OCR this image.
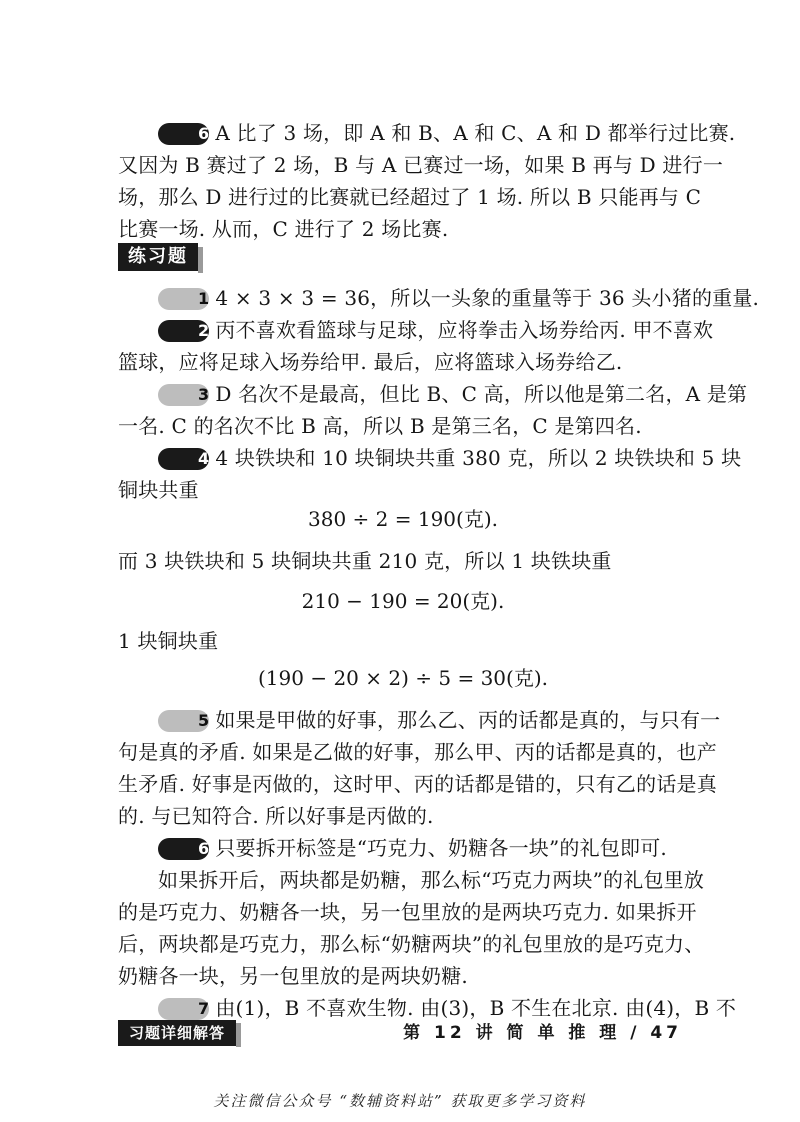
6 A 比了 3 场，即 A 和 B、A 和 C、A 和 D 都举行过比赛.
又因为 B 赛过了 2 场，B 与 A 已赛过一场，如果 B 再与 D 进行一
场，那么 D 进行过的比赛就已经超过了 1 场. 所以 B 只能再与 C
比赛一场. 从而，C 进行了 2 场比赛.
练习题
1 4 × 3 × 3 = 36，所以一头象的重量等于 36 头小猪的重量.
2 丙不喜欢看篮球与足球，应将拳击入场券给丙. 甲不喜欢
篮球，应将足球入场券给甲. 最后，应将篮球入场券给乙.
3 D 名次不是最高，但比 B、C 高，所以他是第二名，A 是第
一名. C 的名次不比 B 高，所以 B 是第三名，C 是第四名.
4 4 块铁块和 10 块铜块共重 380 克，所以 2 块铁块和 5 块
铜块共重
380 ÷ 2 = 190(克).
而 3 块铁块和 5 块铜块共重 210 克，所以 1 块铁块重
210 − 190 = 20(克).
1 块铜块重
(190 − 20 × 2) ÷ 5 = 30(克).
5 如果是甲做的好事，那么乙、丙的话都是真的，与只有一
句是真的矛盾. 如果是乙做的好事，那么甲、丙的话都是真的，也产
生矛盾. 好事是丙做的，这时甲、丙的话都是错的，只有乙的话是真
的. 与已知符合. 所以好事是丙做的.
6 只要拆开标签是“巧克力、奶糖各一块”的礼包即可.
如果拆开后，两块都是奶糖，那么标“巧克力两块”的礼包里放
的是巧克力、奶糖各一块，另一包里放的是两块巧克力. 如果拆开
后，两块都是巧克力，那么标“奶糖两块”的礼包里放的是巧克力、
奶糖各一块，另一包里放的是两块奶糖.
7 由(1)，B 不喜欢生物. 由(3)，B 不生在北京. 由(4)，B 不
习题详细解答	第 12 讲 简 单 推 理 / 47
关注微信公众号 “数辅资料站” 获取更多学习资料
